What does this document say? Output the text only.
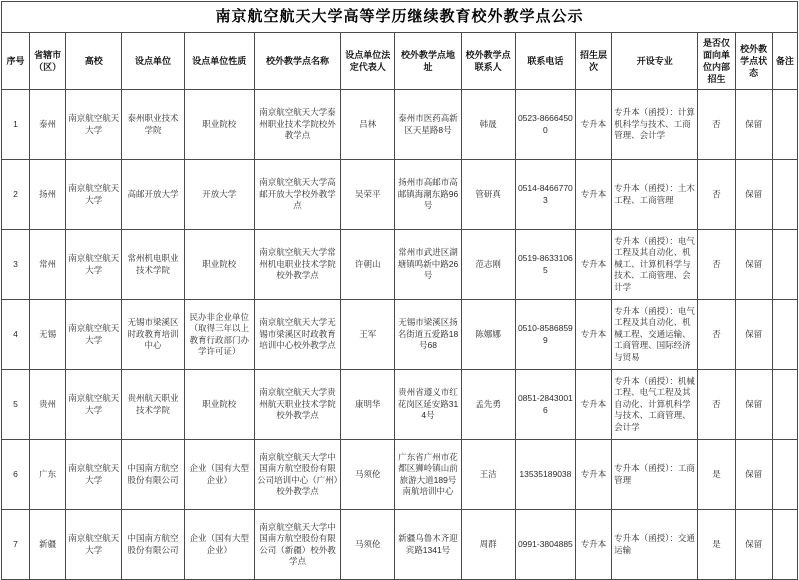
南京航空航天大学高等学历继续教育校外教学点公示														
序号	省辖市（区）	高校	设点单位	设点单位性质	校外教学点名称	设点单位法定代表人	校外教学点地址	校外教学点联系人	联系电话	招生层次	开设专业	是否仅面向单位内部招生	校外教学点状态	备注
1	泰州	南京航空航天大学	泰州职业技术学院	职业院校	南京航空航天大学泰州职业技术学院校外教学点	吕林	泰州市医药高新区天星路8号	韩晟	0523-86664500	专升本	专升本（函授）：计算机科学与技术、工商管理、会计学	否	保留	
2	扬州	南京航空航天大学	高邮开放大学	开放大学	南京航空航天大学高邮开放大学校外教学点	吴荣平	扬州市高邮市高邮镇海潮东路96号	管研真	0514-84667703	专升本	专升本（函授）：土木工程、工商管理	否	保留	
3	常州	南京航空航天大学	常州机电职业技术学院	职业院校	南京航空航天大学常州机电职业技术学院校外教学点	许朝山	常州市武进区湖塘镇鸣新中路26号	范志刚	0519-86331065	专升本	专升本（函授）：电气工程及其自动化、机械工、计算机科学与技术、工商管理、会计学	否	保留	
4	无锡	南京航空航天大学	无锡市梁溪区时政教育培训中心	民办非企业单位（取得三年以上教育行政部门办学许可证）	南京航空航天大学无锡市梁溪区时政教育培训中心校外教学点	王军	无锡市梁溪区扬名街道五爱路18号68	陈娜娜	0510-85868599	专升本	专升本（函授）：电气工程及其自动化、机械工程、交通运输、工商管理、国际经济与贸易	否	保留	
5	贵州	南京航空航天大学	贵州航天职业技术学院	职业院校	南京航空航天大学贵州航天职业技术学院校外教学点	康明华	贵州省遵义市红花岗区延安路314号	孟先勇	0851-28430016	专升本	专升本（函授）：机械工程、电气工程及其自动化、计算机科学与技术、工商管理、会计学	否	保留	
6	广东	南京航空航天大学	中国南方航空股份有限公司	企业（国有大型企业）	南京航空航天大学中国南方航空股份有限公司培训中心（广州）校外教学点	马须伦	广东省广州市花都区狮岭镇山前旅游大道189号南航培训中心	王洁	13535189038	专升本	专升本（函授）：工商管理	是	保留	
7	新疆	南京航空航天大学	中国南方航空股份有限公司	企业（国有大型企业）	南京航空航天大学中国南方航空股份有限公司（新疆）校外教学点	马须伦	新疆乌鲁木齐迎宾路1341号	周群	0991-3804885	专升本	专升本（函授）：交通运输	是	保留	
